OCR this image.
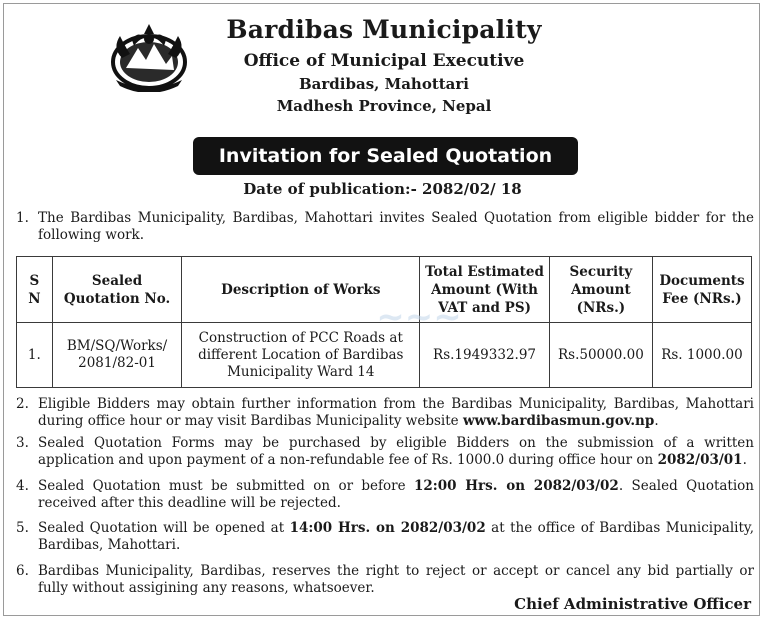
Bardibas Municipality
Office of Municipal Executive
Bardibas, Mahottari
Madhesh Province, Nepal
Invitation for Sealed Quotation
Date of publication:- 2082/02/ 18
1. The Bardibas Municipality, Bardibas, Mahottari invites Sealed Quotation from eligible bidder for the following work.
S N	Sealed Quotation No.	Description of Works	Total Estimated Amount (With VAT and PS)	Security Amount (NRs.)	Documents Fee (NRs.)
1.	BM/SQ/Works/ 2081/82-01	Construction of PCC Roads at different Location of Bardibas Municipality Ward 14	Rs.1949332.97	Rs.50000.00	Rs. 1000.00
~~~
2. Eligible Bidders may obtain further information from the Bardibas Municipality, Bardibas, Mahottari during office hour or may visit Bardibas Municipality website www.bardibasmun.gov.np.
3. Sealed Quotation Forms may be purchased by eligible Bidders on the submission of a written application and upon payment of a non-refundable fee of Rs. 1000.0 during office hour on 2082/03/01.
4. Sealed Quotation must be submitted on or before 12:00 Hrs. on 2082/03/02. Sealed Quotation received after this deadline will be rejected.
5. Sealed Quotation will be opened at 14:00 Hrs. on 2082/03/02 at the office of Bardibas Municipality, Bardibas, Mahottari.
6. Bardibas Municipality, Bardibas, reserves the right to reject or accept or cancel any bid partially or fully without assigining any reasons, whatsoever.
Chief Administrative Officer
